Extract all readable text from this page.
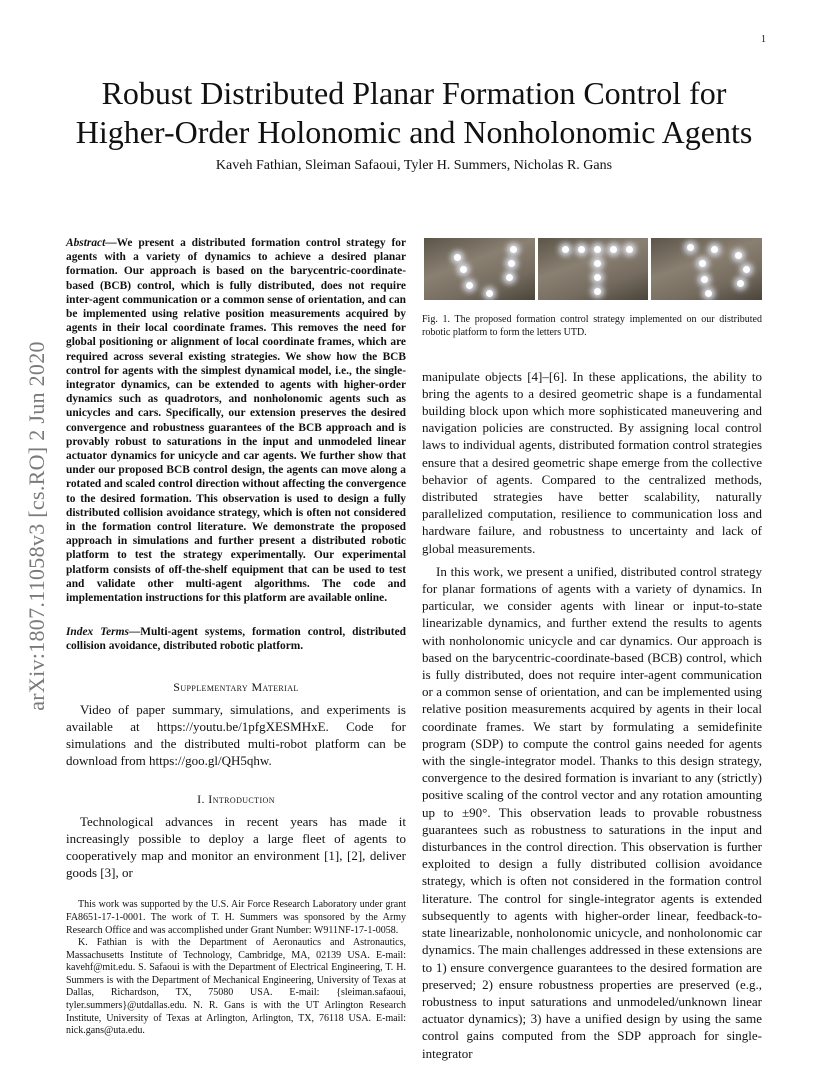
1
arXiv:1807.11058v3 [cs.RO] 2 Jun 2020
Robust Distributed Planar Formation Control for
Higher-Order Holonomic and Nonholonomic Agents
Kaveh Fathian, Sleiman Safaoui, Tyler H. Summers, Nicholas R. Gans

Abstract—We present a distributed formation control strategy for agents with a variety of dynamics to achieve a desired planar formation. Our approach is based on the barycentric-coordinate-based (BCB) control, which is fully distributed, does not require inter-agent communication or a common sense of orientation, and can be implemented using relative position measurements acquired by agents in their local coordinate frames. This removes the need for global positioning or alignment of local coordinate frames, which are required across several existing strategies. We show how the BCB control for agents with the simplest dynamical model, i.e., the single-integrator dynamics, can be extended to agents with higher-order dynamics such as quadrotors, and nonholonomic agents such as unicycles and cars. Specifically, our extension preserves the desired convergence and robustness guarantees of the BCB approach and is provably robust to saturations in the input and unmodeled linear actuator dynamics for unicycle and car agents. We further show that under our proposed BCB control design, the agents can move along a rotated and scaled control direction without affecting the convergence to the desired formation. This observation is used to design a fully distributed collision avoidance strategy, which is often not considered in the formation control literature. We demonstrate the proposed approach in simulations and further present a distributed robotic platform to test the strategy experimentally. Our experimental platform consists of off-the-shelf equipment that can be used to test and validate other multi-agent algorithms. The code and implementation instructions for this platform are available online.

Index Terms—Multi-agent systems, formation control, distributed collision avoidance, distributed robotic platform.

Supplementary Material

Video of paper summary, simulations, and experiments is available at https://youtu.be/1pfgXESMHxE. Code for simulations and the distributed multi-robot platform can be download from https://goo.gl/QH5qhw.

I. Introduction

Technological advances in recent years has made it increasingly possible to deploy a large fleet of agents to cooperatively map and monitor an environment [1], [2], deliver goods [3], or

This work was supported by the U.S. Air Force Research Laboratory under grant FA8651-17-1-0001. The work of T. H. Summers was sponsored by the Army Research Office and was accomplished under Grant Number: W911NF-17-1-0058.

K. Fathian is with the Department of Aeronautics and Astronautics, Massachusetts Institute of Technology, Cambridge, MA, 02139 USA. E-mail: kavehf@mit.edu. S. Safaoui is with the Department of Electrical Engineering, T. H. Summers is with the Department of Mechanical Engineering, University of Texas at Dallas, Richardson, TX, 75080 USA. E-mail: {sleiman.safaoui, tyler.summers}@utdallas.edu. N. R. Gans is with the UT Arlington Research Institute, University of Texas at Arlington, Arlington, TX, 76118 USA. E-mail: nick.gans@uta.edu.

Fig. 1. The proposed formation control strategy implemented on our distributed robotic platform to form the letters UTD.

manipulate objects [4]–[6]. In these applications, the ability to bring the agents to a desired geometric shape is a fundamental building block upon which more sophisticated maneuvering and navigation policies are constructed. By assigning local control laws to individual agents, distributed formation control strategies ensure that a desired geometric shape emerge from the collective behavior of agents. Compared to the centralized methods, distributed strategies have better scalability, naturally parallelized computation, resilience to communication loss and hardware failure, and robustness to uncertainty and lack of global measurements.

In this work, we present a unified, distributed control strategy for planar formations of agents with a variety of dynamics. In particular, we consider agents with linear or input-to-state linearizable dynamics, and further extend the results to agents with nonholonomic unicycle and car dynamics. Our approach is based on the barycentric-coordinate-based (BCB) control, which is fully distributed, does not require inter-agent communication or a common sense of orientation, and can be implemented using relative position measurements acquired by agents in their local coordinate frames. We start by formulating a semidefinite program (SDP) to compute the control gains needed for agents with the single-integrator model. Thanks to this design strategy, convergence to the desired formation is invariant to any (strictly) positive scaling of the control vector and any rotation amounting up to ±90°. This observation leads to provable robustness guarantees such as robustness to saturations in the input and disturbances in the control direction. This observation is further exploited to design a fully distributed collision avoidance strategy, which is often not considered in the formation control literature. The control for single-integrator agents is extended subsequently to agents with higher-order linear, feedback-to-state linearizable, nonholonomic unicycle, and nonholonomic car dynamics. The main challenges addressed in these extensions are to 1) ensure convergence guarantees to the desired formation are preserved; 2) ensure robustness properties are preserved (e.g., robustness to input saturations and unmodeled/unknown linear actuator dynamics); 3) have a unified design by using the same control gains computed from the SDP approach for single-integrator
